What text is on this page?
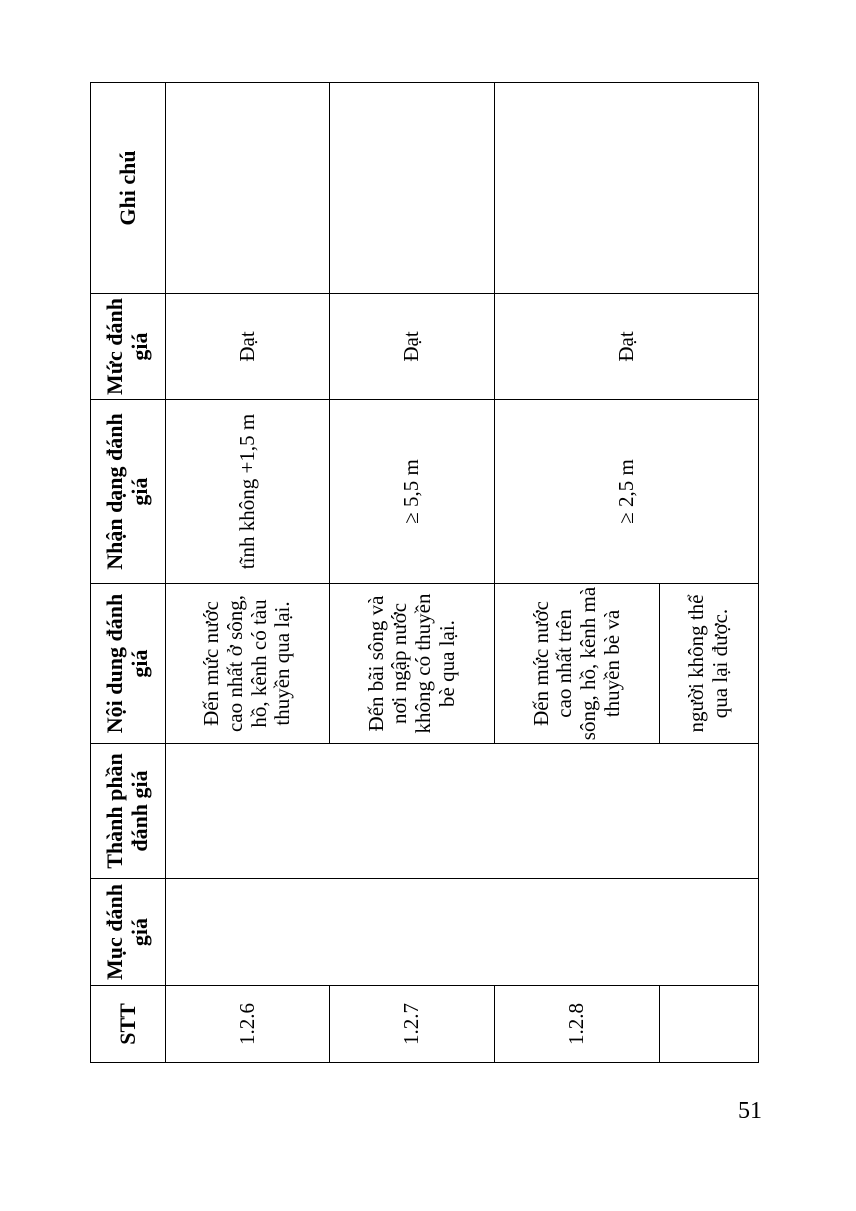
STT	Mục đánh giá	Thành phần đánh giá	Nội dung đánh giá	Nhận dạng đánh giá	Mức đánh giá	Ghi chú
1.2.6			Đến mức nước cao nhất ở sông, hồ, kênh có tàu thuyền qua lại.	tĩnh không +1,5 m	Đạt	
1.2.7			Đến bãi sông và nơi ngập nước không có thuyền bè qua lại.	≥ 5,5 m	Đạt	
1.2.8			Đến mức nước cao nhất trên sông, hồ, kênh mà thuyền bè và	≥ 2,5 m	Đạt	
			người không thể qua lại được.			
51
